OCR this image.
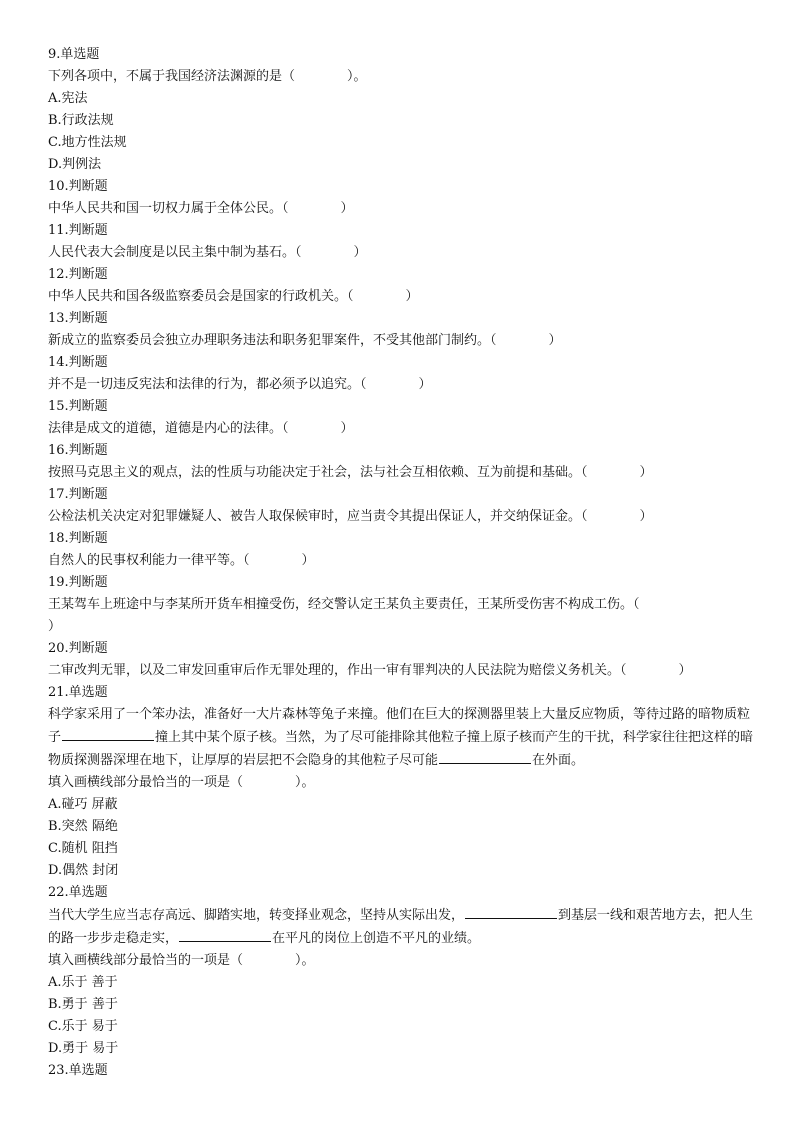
9.单选题
下列各项中，不属于我国经济法渊源的是（　　　　）。
A.宪法
B.行政法规
C.地方性法规
D.判例法
10.判断题
中华人民共和国一切权力属于全体公民。（　　　　）
11.判断题
人民代表大会制度是以民主集中制为基石。（　　　　）
12.判断题
中华人民共和国各级监察委员会是国家的行政机关。（　　　　）
13.判断题
新成立的监察委员会独立办理职务违法和职务犯罪案件，不受其他部门制约。（　　　　）
14.判断题
并不是一切违反宪法和法律的行为，都必须予以追究。（　　　　）
15.判断题
法律是成文的道德，道德是内心的法律。（　　　　）
16.判断题
按照马克思主义的观点，法的性质与功能决定于社会，法与社会互相依赖、互为前提和基础。（　　　　）
17.判断题
公检法机关决定对犯罪嫌疑人、被告人取保候审时，应当责令其提出保证人，并交纳保证金。（　　　　）
18.判断题
自然人的民事权利能力一律平等。（　　　　）
19.判断题
王某驾车上班途中与李某所开货车相撞受伤，经交警认定王某负主要责任，王某所受伤害不构成工伤。（
）
20.判断题
二审改判无罪，以及二审发回重审后作无罪处理的，作出一审有罪判决的人民法院为赔偿义务机关。（　　　　）
21.单选题
科学家采用了一个笨办法，准备好一大片森林等兔子来撞。他们在巨大的探测器里装上大量反应物质，等待过路的暗物质粒子	撞上其中某个原子核。当然，为了尽可能排除其他粒子撞上原子核而产生的干扰，科学家往往把这样的暗物质探测器深埋在地下，让厚厚的岩层把不会隐身的其他粒子尽可能	在外面。
填入画横线部分最恰当的一项是（　　　　）。
A.碰巧 屏蔽
B.突然 隔绝
C.随机 阻挡
D.偶然 封闭
22.单选题
当代大学生应当志存高远、脚踏实地，转变择业观念，坚持从实际出发，	到基层一线和艰苦地方去，把人生的路一步步走稳走实，	在平凡的岗位上创造不平凡的业绩。
填入画横线部分最恰当的一项是（　　　　）。
A.乐于 善于
B.勇于 善于
C.乐于 易于
D.勇于 易于
23.单选题
